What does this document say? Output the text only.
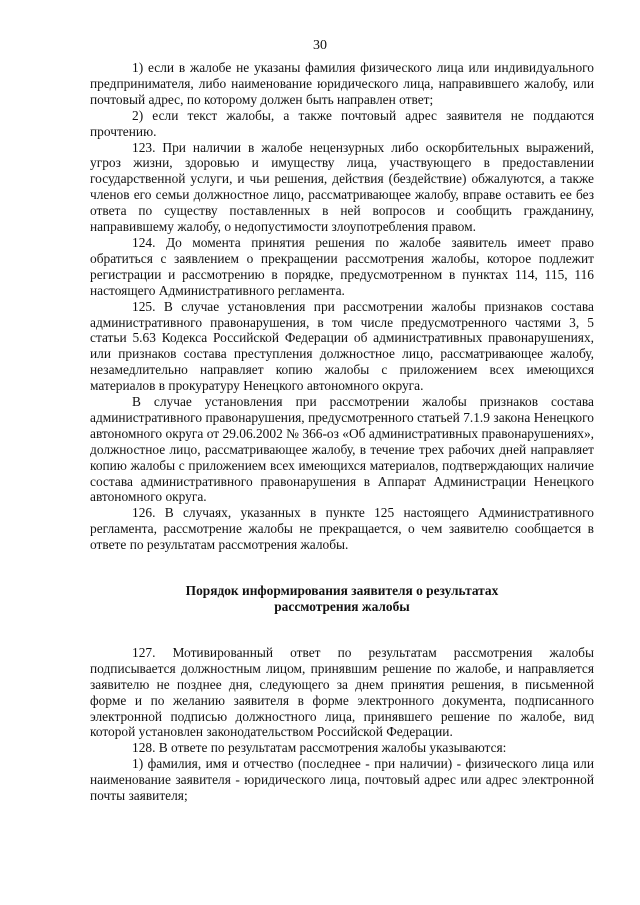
30

1) если в жалобе не указаны фамилия физического лица или индивидуального предпринимателя, либо наименование юридического лица, направившего жалобу, или почтовый адрес, по которому должен быть направлен ответ;

2) если текст жалобы, а также почтовый адрес заявителя не поддаются прочтению.

123. При наличии в жалобе нецензурных либо оскорбительных выражений, угроз жизни, здоровью и имуществу лица, участвующего в предоставлении государственной услуги, и чьи решения, действия (бездействие) обжалуются, а также членов его семьи должностное лицо, рассматривающее жалобу, вправе оставить ее без ответа по существу поставленных в ней вопросов и сообщить гражданину, направившему жалобу, о недопустимости злоупотребления правом.

124. До момента принятия решения по жалобе заявитель имеет право обратиться с заявлением о прекращении рассмотрения жалобы, которое подлежит регистрации и рассмотрению в порядке, предусмотренном в пунктах 114, 115, 116 настоящего Административного регламента.

125. В случае установления при рассмотрении жалобы признаков состава административного правонарушения, в том числе предусмотренного частями 3, 5 статьи 5.63 Кодекса Российской Федерации об административных правонарушениях, или признаков состава преступления должностное лицо, рассматривающее жалобу, незамедлительно направляет копию жалобы с приложением всех имеющихся материалов в прокуратуру Ненецкого автономного округа.

В случае установления при рассмотрении жалобы признаков состава административного правонарушения, предусмотренного статьей 7.1.9 закона Ненецкого автономного округа от 29.06.2002 № 366-оз «Об административных правонарушениях», должностное лицо, рассматривающее жалобу, в течение трех рабочих дней направляет копию жалобы с приложением всех имеющихся материалов, подтверждающих наличие состава административного правонарушения в Аппарат Администрации Ненецкого автономного округа.

126. В случаях, указанных в пункте 125 настоящего Административного регламента, рассмотрение жалобы не прекращается, о чем заявителю сообщается в ответе по результатам рассмотрения жалобы.

Порядок информирования заявителя о результатах
рассмотрения жалобы

127. Мотивированный ответ по результатам рассмотрения жалобы подписывается должностным лицом, принявшим решение по жалобе, и направляется заявителю не позднее дня, следующего за днем принятия решения, в письменной форме и по желанию заявителя в форме электронного документа, подписанного электронной подписью должностного лица, принявшего решение по жалобе, вид которой установлен законодательством Российской Федерации.

128. В ответе по результатам рассмотрения жалобы указываются:

1) фамилия, имя и отчество (последнее - при наличии) - физического лица или наименование заявителя - юридического лица, почтовый адрес или адрес электронной почты заявителя;
